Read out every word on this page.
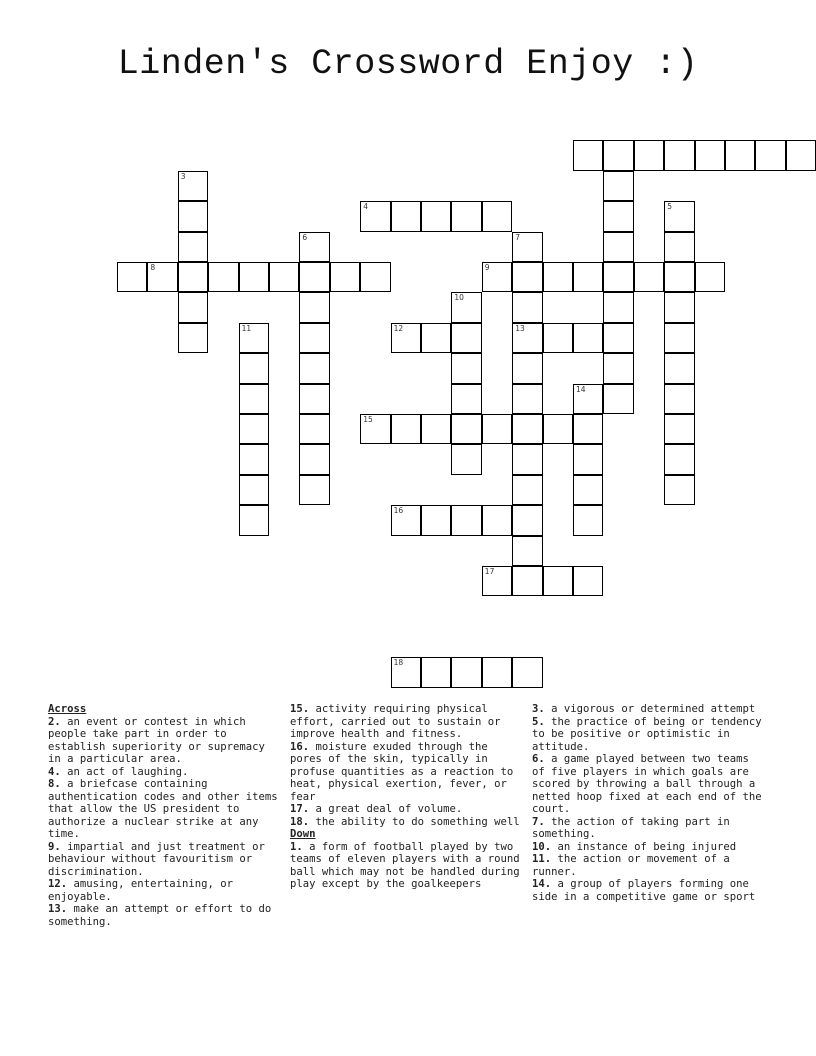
Linden's Crossword Enjoy :)
3
4	5
6	7
13
8	9
10
11	12
14
15
16
17
18
Across
2. an event or contest in which people take part in order to establish superiority or supremacy in a particular area.
4. an act of laughing.
8. a briefcase containing authentication codes and other items that allow the US president to authorize a nuclear strike at any time.
9. impartial and just treatment or behaviour without favouritism or discrimination.
12. amusing, entertaining, or enjoyable.
13. make an attempt or effort to do something.
15. activity requiring physical effort, carried out to sustain or improve health and fitness.
16. moisture exuded through the pores of the skin, typically in profuse quantities as a reaction to heat, physical exertion, fever, or fear
17. a great deal of volume.
18. the ability to do something well
Down
1. a form of football played by two teams of eleven players with a round ball which may not be handled during play except by the goalkeepers
3. a vigorous or determined attempt
5. the practice of being or tendency to be positive or optimistic in attitude.
6. a game played between two teams of five players in which goals are scored by throwing a ball through a netted hoop fixed at each end of the court.
7. the action of taking part in something.
10. an instance of being injured
11. the action or movement of a runner.
14. a group of players forming one side in a competitive game or sport
